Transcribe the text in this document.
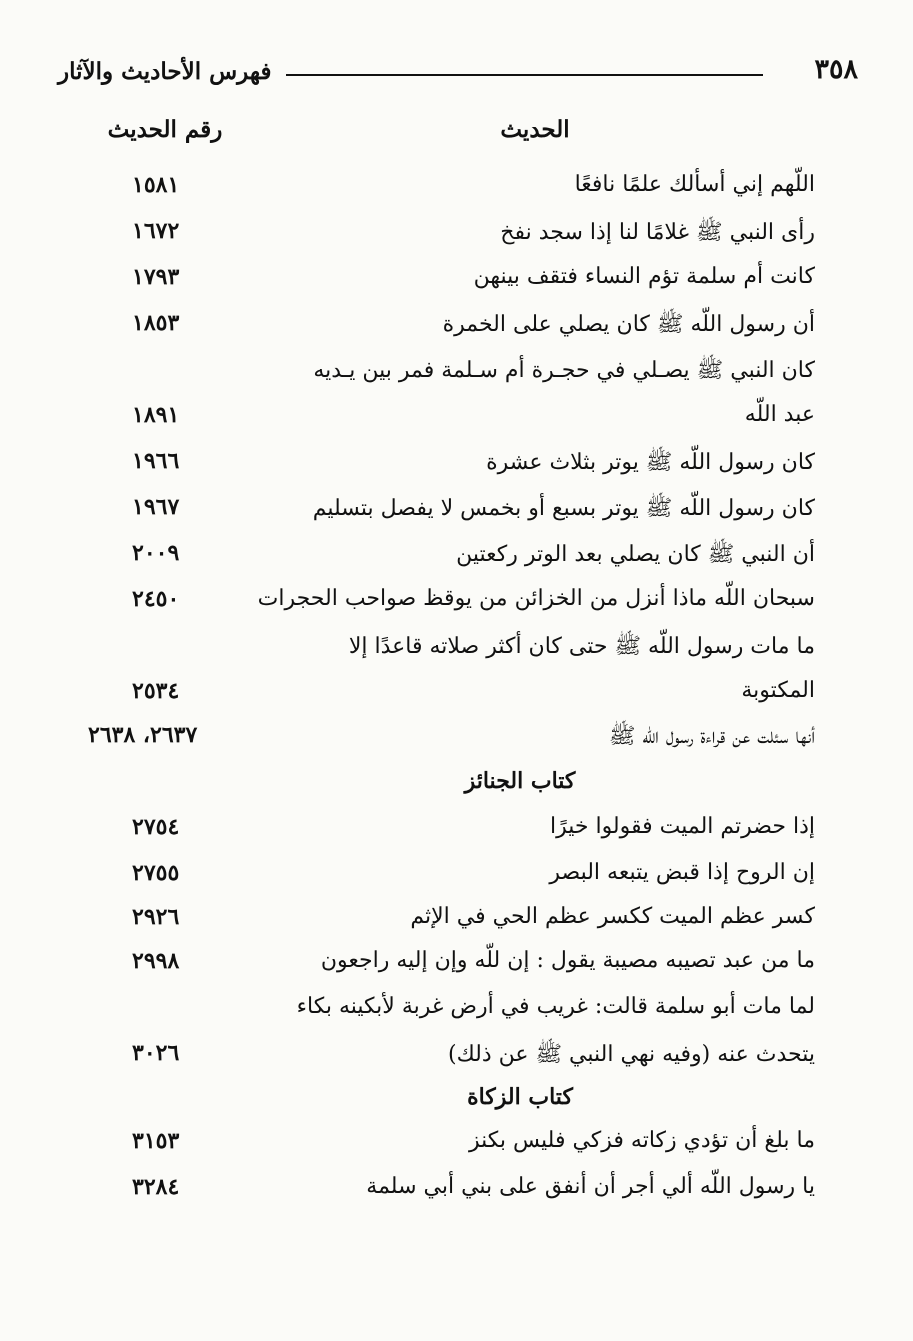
٣٥٨
فهرس الأحاديث والآثار
الحديث
رقم الحديث
اللّهم إني أسألك علمًا نافعًا
١٥٨١
رأى النبي ﷺ غلامًا لنا إذا سجد نفخ
١٦٧٢
كانت أم سلمة تؤم النساء فتقف بينهن
١٧٩٣
أن رسول اللّه ﷺ كان يصلي على الخمرة
١٨٥٣
كان النبي ﷺ يصـلي في حجـرة أم سـلمة فمر بين يـديه
عبد اللّه
١٨٩١
كان رسول اللّه ﷺ يوتر بثلاث عشرة
١٩٦٦
كان رسول اللّه ﷺ يوتر بسبع أو بخمس لا يفصل بتسليم
١٩٦٧
أن النبي ﷺ كان يصلي بعد الوتر ركعتين
٢٠٠٩
سبحان اللّه ماذا أنزل من الخزائن من يوقظ صواحب الحجرات
٢٤٥٠
ما مات رسول اللّه ﷺ حتى كان أكثر صلاته قاعدًا إلا
المكتوبة
٢٥٣٤
أنها سئلت عن قراءة رسول اللّه ﷺ
٢٦٣٧، ٢٦٣٨
كتاب الجنائز
إذا حضرتم الميت فقولوا خيرًا
٢٧٥٤
إن الروح إذا قبض يتبعه البصر
٢٧٥٥
كسر عظم الميت ككسر عظم الحي في الإثم
٢٩٢٦
ما من عبد تصيبه مصيبة يقول : إن للّه وإن إليه راجعون
٢٩٩٨
لما مات أبو سلمة قالت: غريب في أرض غربة لأبكينه بكاء
يتحدث عنه (وفيه نهي النبي ﷺ عن ذلك)
٣٠٢٦
كتاب الزكاة
ما بلغ أن تؤدي زكاته فزكي فليس بكنز
٣١٥٣
يا رسول اللّه ألي أجر أن أنفق على بني أبي سلمة
٣٢٨٤
